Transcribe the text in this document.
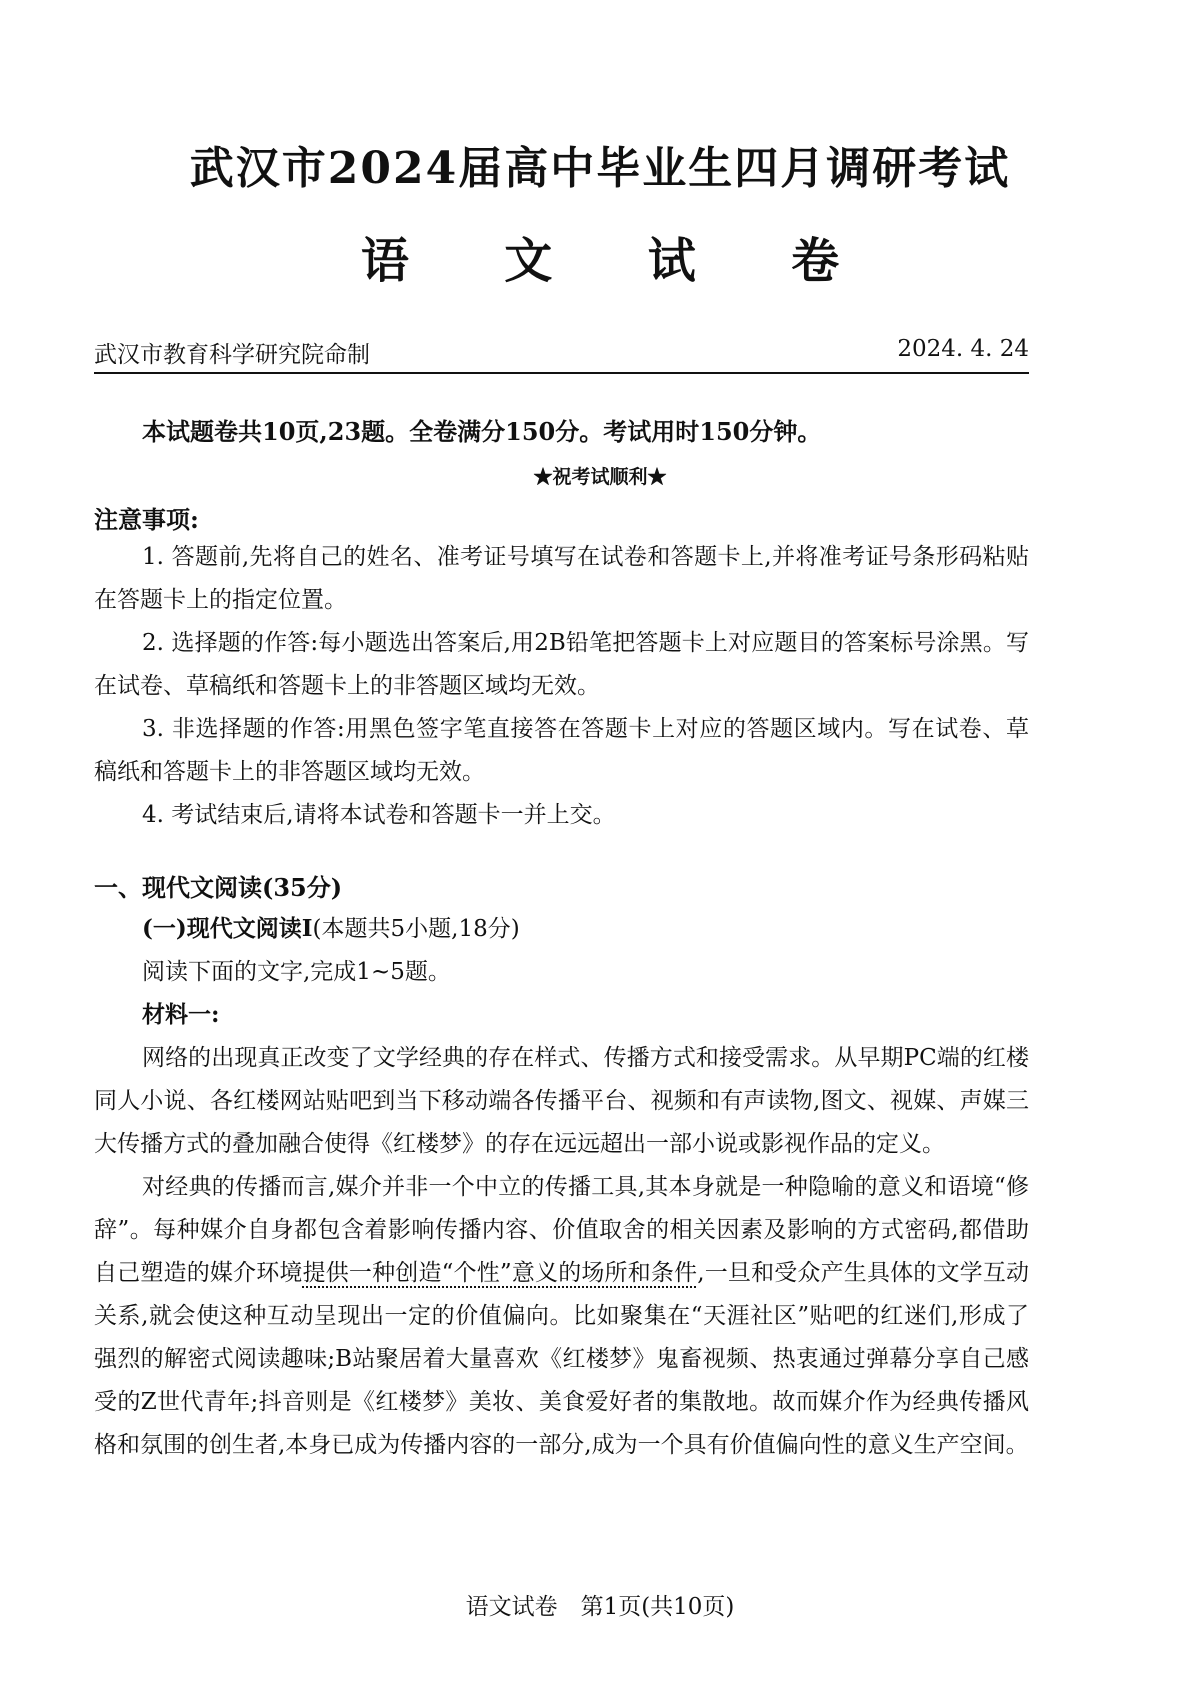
武汉市2024届高中毕业生四月调研考试
语 文 试 卷
武汉市教育科学研究院命制	2024. 4. 24
本试题卷共10页,23题。全卷满分150分。考试用时150分钟。
★祝考试顺利★
注意事项:

1. 答题前,先将自己的姓名、准考证号填写在试卷和答题卡上,并将准考证号条形码粘贴在答题卡上的指定位置。

2. 选择题的作答:每小题选出答案后,用2B铅笔把答题卡上对应题目的答案标号涂黑。写在试卷、草稿纸和答题卡上的非答题区域均无效。

3. 非选择题的作答:用黑色签字笔直接答在答题卡上对应的答题区域内。写在试卷、草稿纸和答题卡上的非答题区域均无效。

4. 考试结束后,请将本试卷和答题卡一并上交。

一、现代文阅读(35分)
(一)现代文阅读Ⅰ(本题共5小题,18分)
阅读下面的文字,完成1~5题。
材料一:

网络的出现真正改变了文学经典的存在样式、传播方式和接受需求。从早期PC端的红楼同人小说、各红楼网站贴吧到当下移动端各传播平台、视频和有声读物,图文、视媒、声媒三大传播方式的叠加融合使得《红楼梦》的存在远远超出一部小说或影视作品的定义。

对经典的传播而言,媒介并非一个中立的传播工具,其本身就是一种隐喻的意义和语境“修辞”。每种媒介自身都包含着影响传播内容、价值取舍的相关因素及影响的方式密码,都借助自己塑造的媒介环境提供一种创造“个性”意义的场所和条件,一旦和受众产生具体的文学互动关系,就会使这种互动呈现出一定的价值偏向。比如聚集在“天涯社区”贴吧的红迷们,形成了强烈的解密式阅读趣味;B站聚居着大量喜欢《红楼梦》鬼畜视频、热衷通过弹幕分享自己感受的Z世代青年;抖音则是《红楼梦》美妆、美食爱好者的集散地。故而媒介作为经典传播风格和氛围的创生者,本身已成为传播内容的一部分,成为一个具有价值偏向性的意义生产空间。

语文试卷　第1页(共10页)
